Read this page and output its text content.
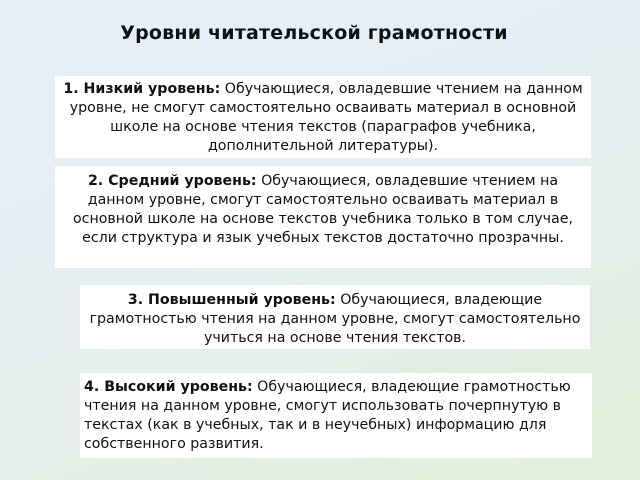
Уровни читательской грамотности
1. Низкий уровень: Обучающиеся, овладевшие чтением на данном уровне, не смогут самостоятельно осваивать материал в основной школе на основе чтения текстов (параграфов учебника, дополнительной литературы).
2. Средний уровень: Обучающиеся, овладевшие чтением на данном уровне, смогут самостоятельно осваивать материал в основной школе на основе текстов учебника только в том случае, если структура и язык учебных текстов достаточно прозрачны.
3. Повышенный уровень: Обучающиеся, владеющие грамотностью чтения на данном уровне, смогут самостоятельно учиться на основе чтения текстов.
4. Высокий уровень: Обучающиеся, владеющие грамотностью чтения на данном уровне, смогут использовать почерпнутую в текстах (как в учебных, так и в неучебных) информацию для собственного развития.
